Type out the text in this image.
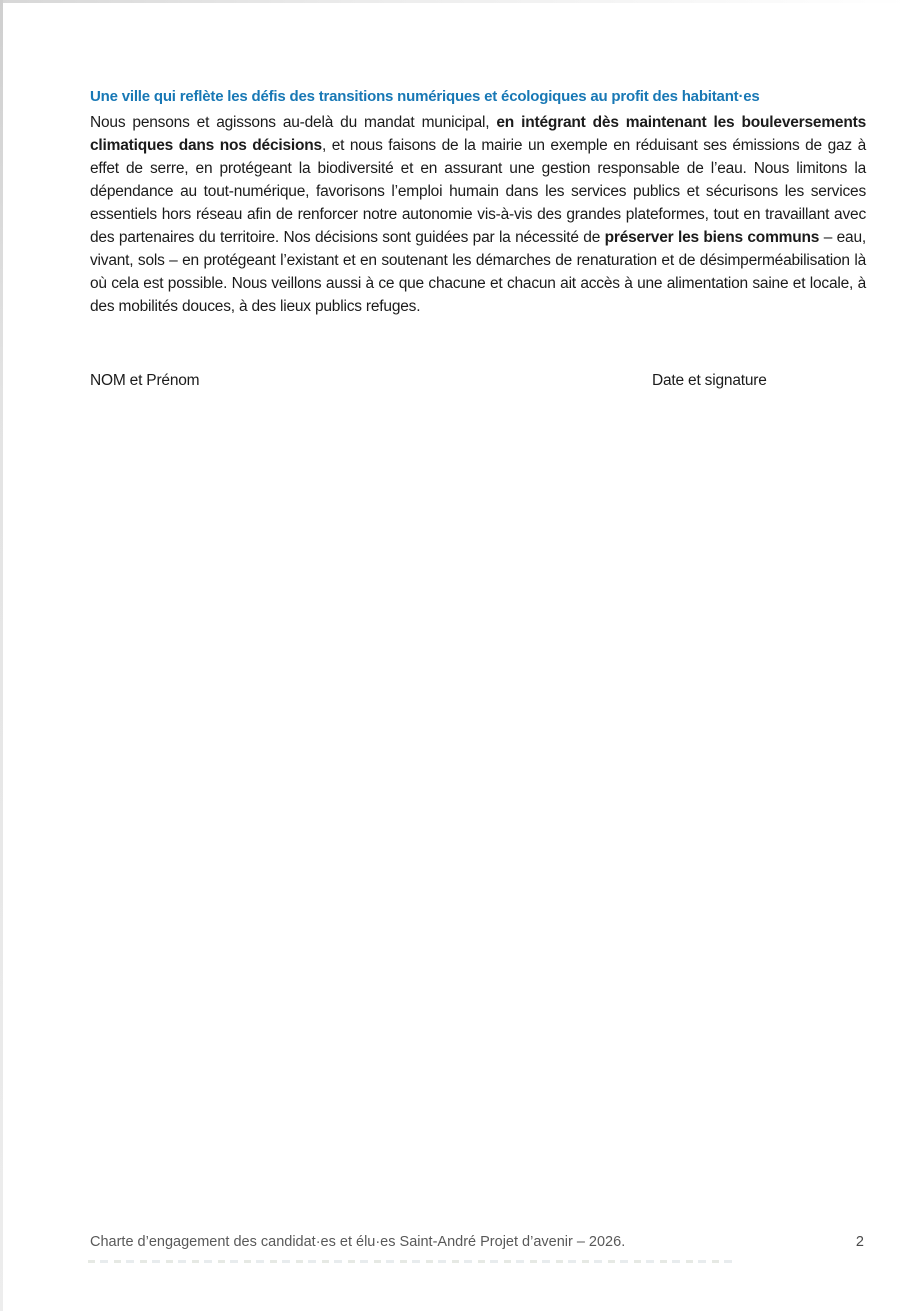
Une ville qui reflète les défis des transitions numériques et écologiques au profit des habitant·es

Nous pensons et agissons au-delà du mandat municipal, en intégrant dès maintenant les bouleversements climatiques dans nos décisions, et nous faisons de la mairie un exemple en réduisant ses émissions de gaz à effet de serre, en protégeant la biodiversité et en assurant une gestion responsable de l’eau. Nous limitons la dépendance au tout-numérique, favorisons l’emploi humain dans les services publics et sécurisons les services essentiels hors réseau afin de renforcer notre autonomie vis-à-vis des grandes plateformes, tout en travaillant avec des partenaires du territoire. Nos décisions sont guidées par la nécessité de préserver les biens communs – eau, vivant, sols – en protégeant l’existant et en soutenant les démarches de renaturation et de désimperméabilisation là où cela est possible. Nous veillons aussi à ce que chacune et chacun ait accès à une alimentation saine et locale, à des mobilités douces, à des lieux publics refuges.

NOM et Prénom	Date et signature
Charte d’engagement des candidat·es et élu·es Saint-André Projet d’avenir – 2026.	2
